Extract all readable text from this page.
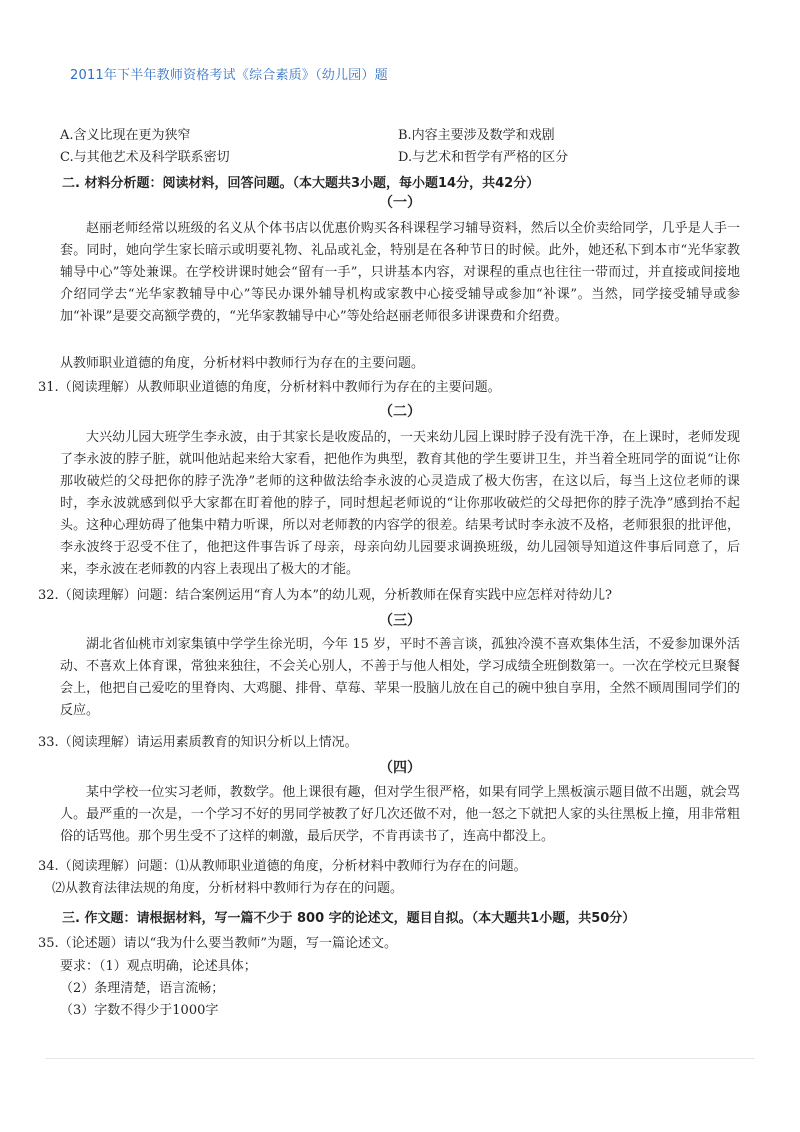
2011年下半年教师资格考试《综合素质》（幼儿园）题
A.含义比现在更为狭窄	B.内容主要涉及数学和戏剧
C.与其他艺术及科学联系密切	D.与艺术和哲学有严格的区分
二. 材料分析题：阅读材料，回答问题。（本大题共3小题，每小题14分，共42分）
（一）
赵丽老师经常以班级的名义从个体书店以优惠价购买各科课程学习辅导资料，然后以全价卖给同学，几乎是人手一套。同时，她向学生家长暗示或明要礼物、礼品或礼金，特别是在各种节日的时候。此外，她还私下到本市“光华家教辅导中心”等处兼课。在学校讲课时她会“留有一手”，只讲基本内容，对课程的重点也往往一带而过，并直接或间接地介绍同学去“光华家教辅导中心”等民办课外辅导机构或家教中心接受辅导或参加“补课”。当然，同学接受辅导或参加“补课”是要交高额学费的，“光华家教辅导中心”等处给赵丽老师很多讲课费和介绍费。
从教师职业道德的角度，分析材料中教师行为存在的主要问题。
31.（阅读理解）从教师职业道德的角度，分析材料中教师行为存在的主要问题。
（二）
大兴幼儿园大班学生李永波，由于其家长是收废品的，一天来幼儿园上课时脖子没有洗干净，在上课时，老师发现了李永波的脖子脏，就叫他站起来给大家看，把他作为典型，教育其他的学生要讲卫生，并当着全班同学的面说“让你那收破烂的父母把你的脖子洗净”老师的这种做法给李永波的心灵造成了极大伤害，在这以后，每当上这位老师的课时，李永波就感到似乎大家都在盯着他的脖子，同时想起老师说的“让你那收破烂的父母把你的脖子洗净”感到抬不起头。这种心理妨碍了他集中精力听课，所以对老师教的内容学的很差。结果考试时李永波不及格，老师狠狠的批评他，李永波终于忍受不住了，他把这件事告诉了母亲，母亲向幼儿园要求调换班级，幼儿园领导知道这件事后同意了，后来，李永波在老师教的内容上表现出了极大的才能。
32.（阅读理解）问题：结合案例运用“育人为本”的幼儿观，分析教师在保育实践中应怎样对待幼儿?
（三）
湖北省仙桃市刘家集镇中学学生徐光明，今年 15 岁，平时不善言谈，孤独冷漠不喜欢集体生活，不爱参加课外活动、不喜欢上体育课，常独来独往，不会关心别人，不善于与他人相处，学习成绩全班倒数第一。一次在学校元旦聚餐会上，他把自己爱吃的里脊肉、大鸡腿、排骨、草莓、苹果一股脑儿放在自己的碗中独自享用，全然不顾周围同学们的反应。
33.（阅读理解）请运用素质教育的知识分析以上情况。
（四）
某中学校一位实习老师，教数学。他上课很有趣，但对学生很严格，如果有同学上黑板演示题目做不出题，就会骂人。最严重的一次是，一个学习不好的男同学被教了好几次还做不对，他一怒之下就把人家的头往黑板上撞，用非常粗俗的话骂他。那个男生受不了这样的刺激，最后厌学，不肯再读书了，连高中都没上。
34.（阅读理解）问题：⑴从教师职业道德的角度，分析材料中教师行为存在的问题。
⑵从教育法律法规的角度，分析材料中教师行为存在的问题。
三. 作文题：请根据材料，写一篇不少于 800 字的论述文，题目自拟。（本大题共1小题，共50分）
35.（论述题）请以“我为什么要当教师”为题，写一篇论述文。
要求：（1）观点明确，论述具体；
（2）条理清楚，语言流畅；
（3）字数不得少于1000字
